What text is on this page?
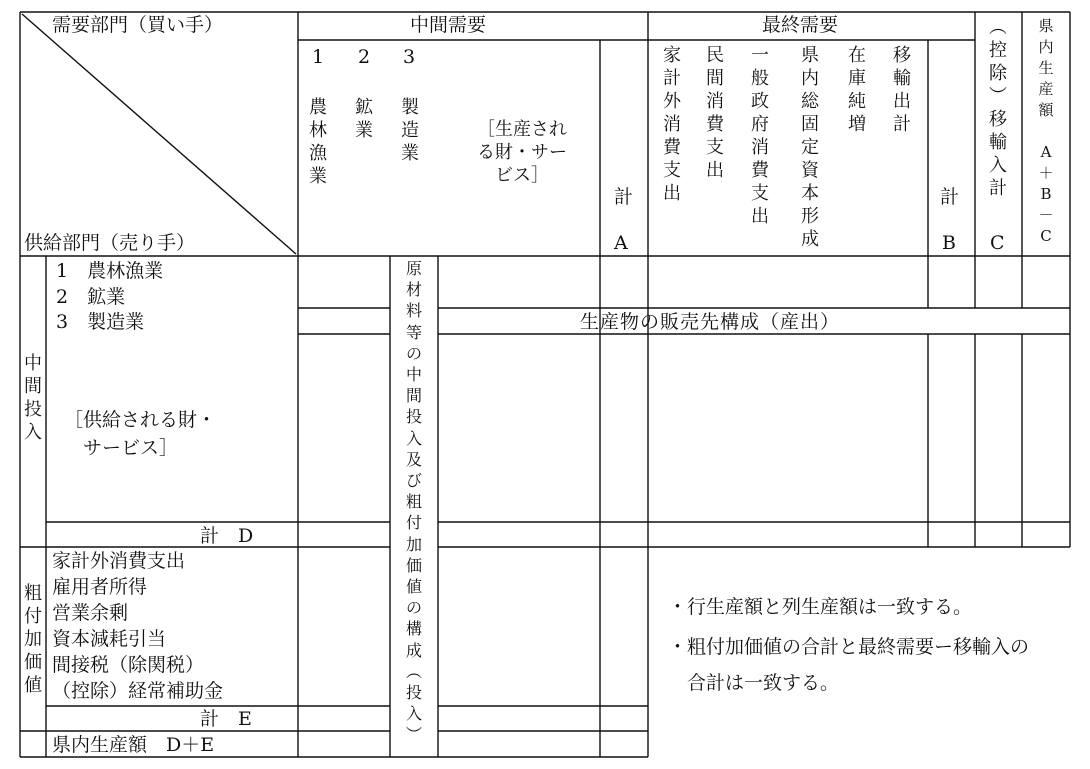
需要部門（買い手）
供給部門（売り手）
中間需要
1 2 3
農
林
漁
業
鉱
業
製
造
業
［生産され
る財・サー
ビス］
計
A
最終需要
家
計
外
消
費
支
出
民
間
消
費
支
出
一
般
政
府
消
費
支
出
県
内
総
固
定
資
本
形
成
在
庫
純
増
移
輸
出
計
計
B
︵
控
除
︶
移
輸
入
計
C
県
内
生
産
額

A
＋
B
－
C
中
間
投
入
1　農林漁業
2　鉱業
3　製造業
［供給される財・
　サービス］
計　D
粗
付
加
価
値
家計外消費支出
雇用者所得
営業余剰
資本減耗引当
間接税（除関税）
（控除）経常補助金
計　E
県内生産額　D＋E
原
材
料
等
の
中
間
投
入
及
び
粗
付
加
価
値
の
構
成
︵
投
入
︶
生産物の販売先構成（産出）
・行生産額と列生産額は一致する。
・粗付加価値の合計と最終需要ー移輸入の
　合計は一致する。
